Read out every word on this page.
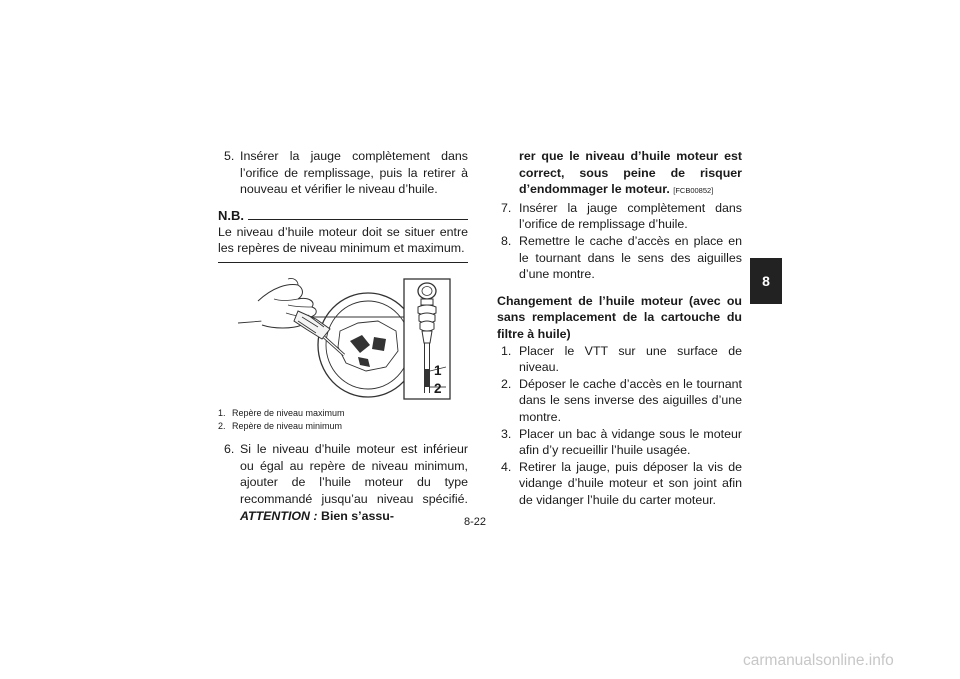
5. Insérer la jauge complètement dans l’orifice de remplissage, puis la retirer à nouveau et vérifier le niveau d’huile.
N.B.
Le niveau d’huile moteur doit se situer entre les repères de niveau minimum et maximum.
1
2
1. Repère de niveau maximum
2. Repère de niveau minimum
6. Si le niveau d’huile moteur est inférieur ou égal au repère de niveau minimum, ajouter de l’huile moteur du type recommandé jusqu’au niveau spécifié. ATTENTION : Bien s’assu-
rer que le niveau d’huile moteur est correct, sous peine de risquer d’endommager le moteur. [FCB00852]
7. Insérer la jauge complètement dans l’orifice de remplissage d’huile.
8. Remettre le cache d’accès en place en le tournant dans le sens des aiguilles d’une montre.
Changement de l’huile moteur (avec ou sans remplacement de la cartouche du filtre à huile)
1. Placer le VTT sur une surface de niveau.
2. Déposer le cache d’accès en le tournant dans le sens inverse des aiguilles d’une montre.
3. Placer un bac à vidange sous le moteur afin d’y recueillir l’huile usagée.
4. Retirer la jauge, puis déposer la vis de vidange d’huile moteur et son joint afin de vidanger l’huile du carter moteur.
8
8-22
carmanualsonline.info
